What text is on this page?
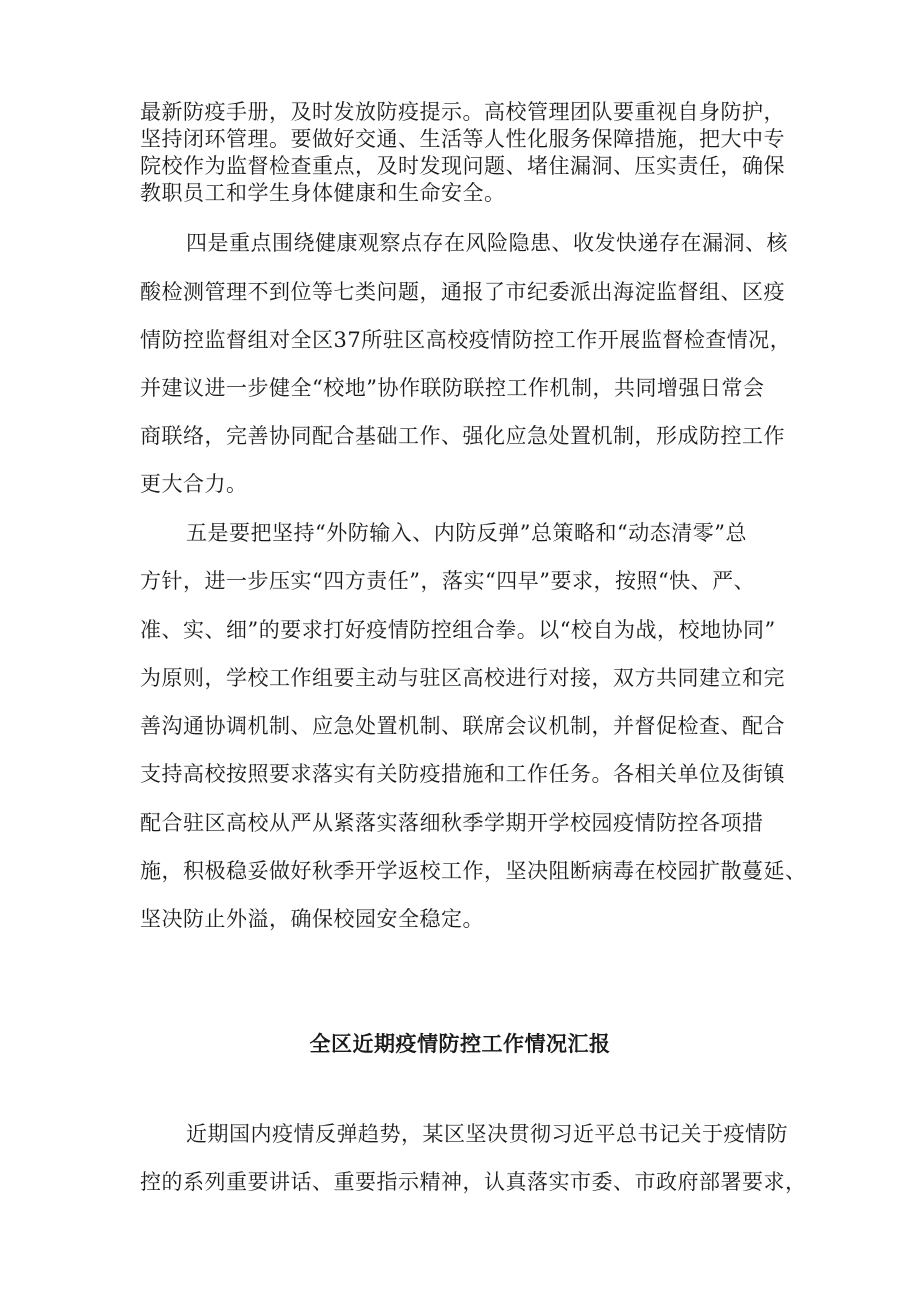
最新防疫手册，及时发放防疫提示。高校管理团队要重视自身防护，
坚持闭环管理。要做好交通、生活等人性化服务保障措施，把大中专
院校作为监督检查重点，及时发现问题、堵住漏洞、压实责任，确保
教职员工和学生身体健康和生命安全。
四是重点围绕健康观察点存在风险隐患、收发快递存在漏洞、核
酸检测管理不到位等七类问题，通报了市纪委派出海淀监督组、区疫
情防控监督组对全区37所驻区高校疫情防控工作开展监督检查情况，
并建议进一步健全“校地”协作联防联控工作机制，共同增强日常会
商联络，完善协同配合基础工作、强化应急处置机制，形成防控工作
更大合力。
五是要把坚持“外防输入、内防反弹”总策略和“动态清零”总
方针，进一步压实“四方责任”，落实“四早”要求，按照“快、严、
准、实、细”的要求打好疫情防控组合拳。以“校自为战，校地协同”
为原则，学校工作组要主动与驻区高校进行对接，双方共同建立和完
善沟通协调机制、应急处置机制、联席会议机制，并督促检查、配合
支持高校按照要求落实有关防疫措施和工作任务。各相关单位及街镇
配合驻区高校从严从紧落实落细秋季学期开学校园疫情防控各项措
施，积极稳妥做好秋季开学返校工作，坚决阻断病毒在校园扩散蔓延、
坚决防止外溢，确保校园安全稳定。
全区近期疫情防控工作情况汇报
近期国内疫情反弹趋势，某区坚决贯彻习近平总书记关于疫情防
控的系列重要讲话、重要指示精神，认真落实市委、市政府部署要求，
